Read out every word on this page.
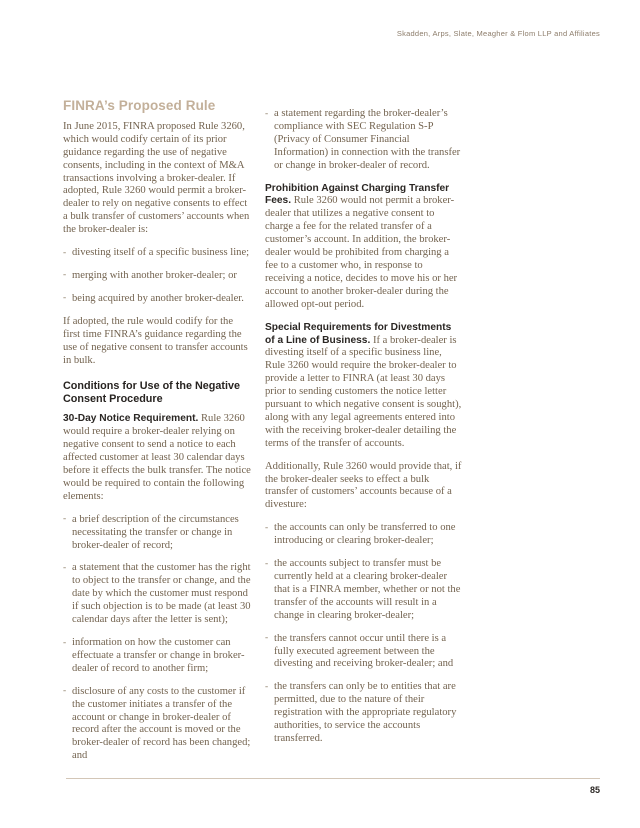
Skadden, Arps, Slate, Meagher & Flom LLP and Affiliates
FINRA’s Proposed Rule

In June 2015, FINRA proposed Rule 3260, which would codify certain of its prior guidance regarding the use of negative consents, including in the context of M&A transactions involving a broker-dealer. If adopted, Rule 3260 would permit a broker-dealer to rely on negative consents to effect a bulk transfer of customers’ accounts when the broker-dealer is:

- divesting itself of a specific business line;
- merging with another broker-dealer; or
- being acquired by another broker-dealer.

If adopted, the rule would codify for the first time FINRA’s guidance regarding the use of negative consent to transfer accounts in bulk.

Conditions for Use of the Negative Consent Procedure

30-Day Notice Requirement. Rule 3260 would require a broker-dealer relying on negative consent to send a notice to each affected customer at least 30 calendar days before it effects the bulk transfer. The notice would be required to contain the following elements:

- a brief description of the circumstances necessitating the transfer or change in broker-dealer of record;
- a statement that the customer has the right to object to the transfer or change, and the date by which the customer must respond if such objection is to be made (at least 30 calendar days after the letter is sent);
- information on how the customer can effectuate a transfer or change in broker-dealer of record to another firm;
- disclosure of any costs to the customer if the customer initiates a transfer of the account or change in broker-dealer of record after the account is moved or the broker-dealer of record has been changed; and
- a statement regarding the broker-dealer’s compliance with SEC Regulation S-P (Privacy of Consumer Financial Information) in connection with the transfer or change in broker-dealer of record.

Prohibition Against Charging Transfer Fees. Rule 3260 would not permit a broker-dealer that utilizes a negative consent to charge a fee for the related transfer of a customer’s account. In addition, the broker-dealer would be prohibited from charging a fee to a customer who, in response to receiving a notice, decides to move his or her account to another broker-dealer during the allowed opt-out period.

Special Requirements for Divestments of a Line of Business. If a broker-dealer is divesting itself of a specific business line, Rule 3260 would require the broker-dealer to provide a letter to FINRA (at least 30 days prior to sending customers the notice letter pursuant to which negative consent is sought), along with any legal agreements entered into with the receiving broker-dealer detailing the terms of the transfer of accounts.

Additionally, Rule 3260 would provide that, if the broker-dealer seeks to effect a bulk transfer of customers’ accounts because of a divesture:

- the accounts can only be transferred to one introducing or clearing broker-dealer;
- the accounts subject to transfer must be currently held at a clearing broker-dealer that is a FINRA member, whether or not the transfer of the accounts will result in a change in clearing broker-dealer;
- the transfers cannot occur until there is a fully executed agreement between the divesting and receiving broker-dealer; and
- the transfers can only be to entities that are permitted, due to the nature of their registration with the appropriate regulatory authorities, to service the accounts transferred.
85
